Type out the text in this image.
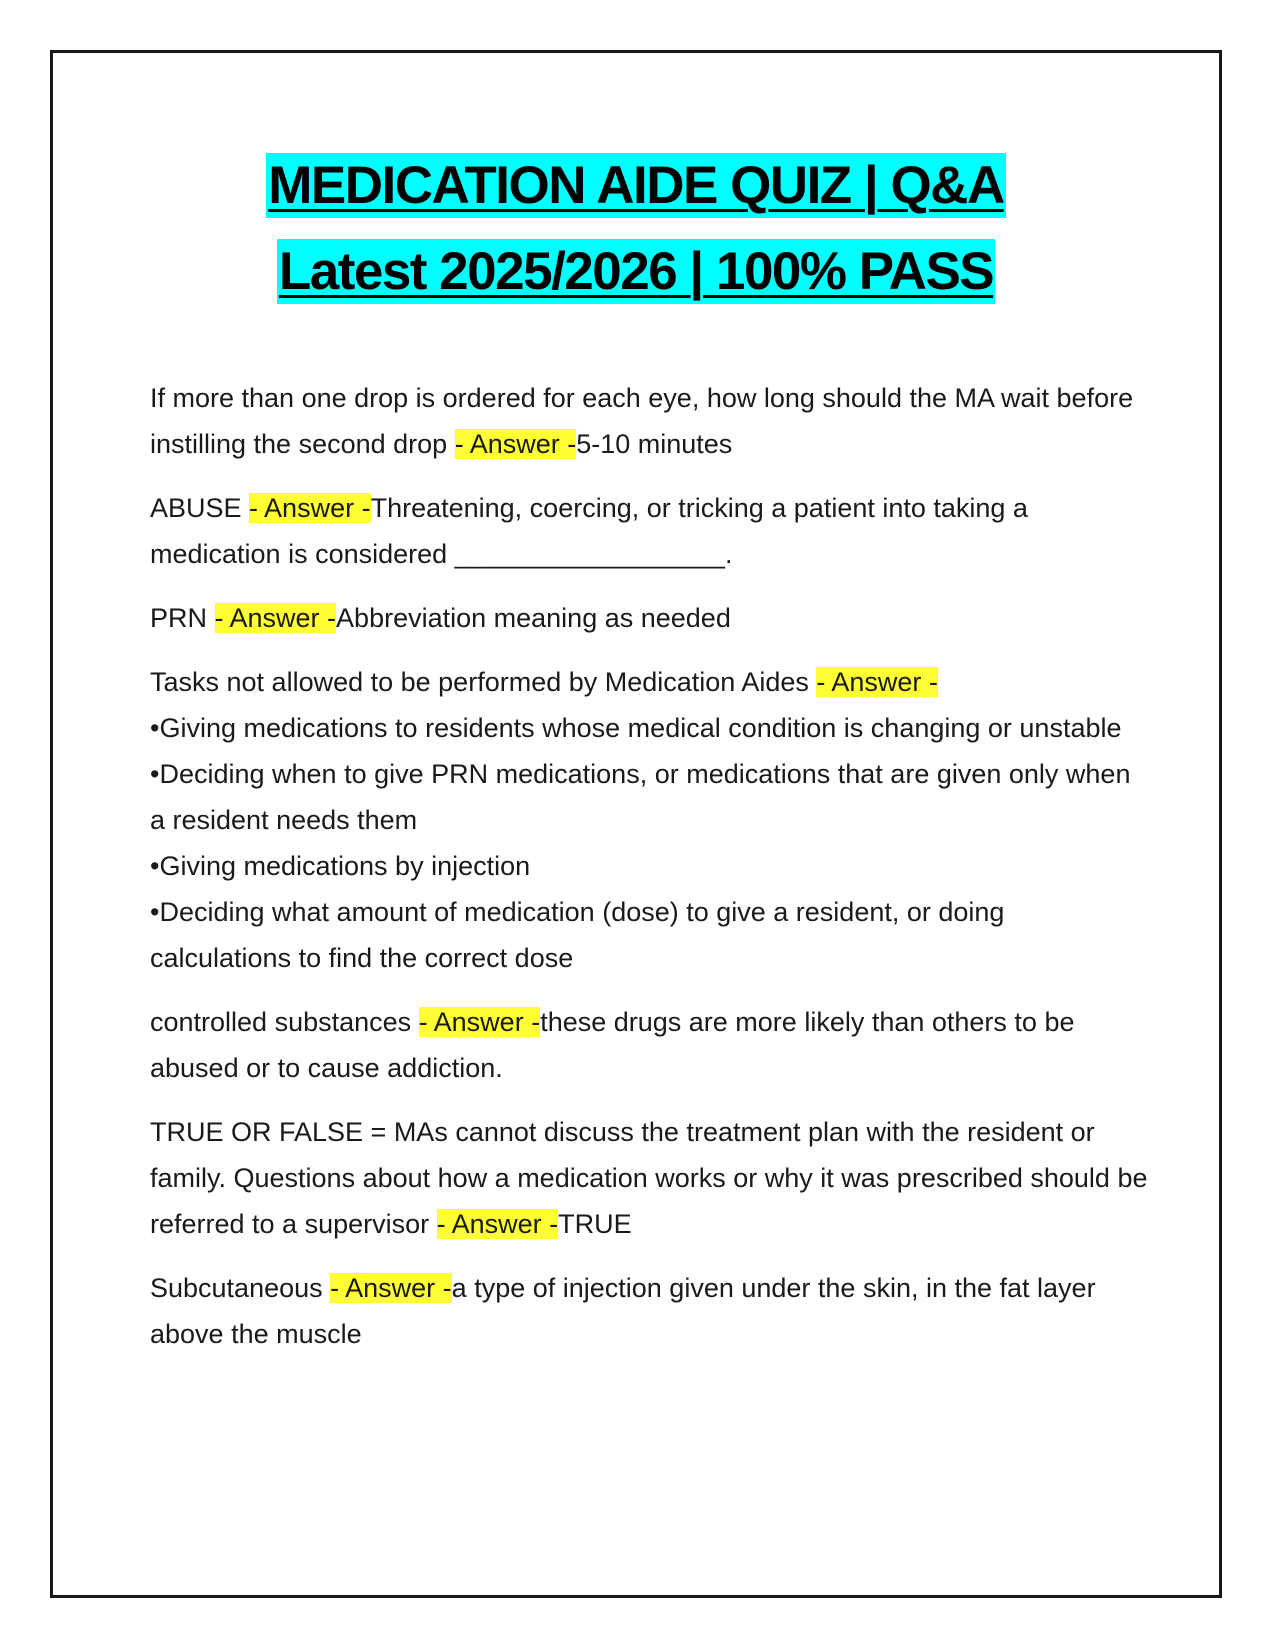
MEDICATION AIDE QUIZ | Q&A
Latest 2025/2026 | 100% PASS

If more than one drop is ordered for each eye, how long should the MA wait before instilling the second drop - Answer -5-10 minutes

ABUSE - Answer -Threatening, coercing, or tricking a patient into taking a medication is considered __________________.

PRN - Answer -Abbreviation meaning as needed

Tasks not allowed to be performed by Medication Aides - Answer -

•Giving medications to residents whose medical condition is changing or unstable

•Deciding when to give PRN medications, or medications that are given only when a resident needs them

•Giving medications by injection

•Deciding what amount of medication (dose) to give a resident, or doing calculations to find the correct dose

controlled substances - Answer -these drugs are more likely than others to be abused or to cause addiction.

TRUE OR FALSE = MAs cannot discuss the treatment plan with the resident or family. Questions about how a medication works or why it was prescribed should be referred to a supervisor - Answer -TRUE

Subcutaneous - Answer -a type of injection given under the skin, in the fat layer above the muscle
